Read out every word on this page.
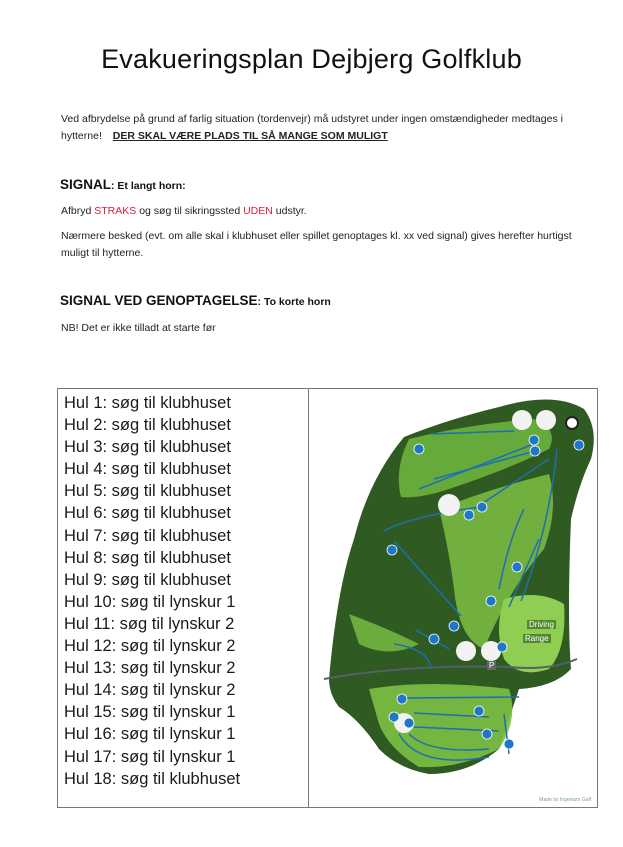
Evakueringsplan Dejbjerg Golfklub
Ved afbrydelse på grund af farlig situation (tordenvejr) må udstyret under ingen omstændigheder medtages i hytterne! DER SKAL VÆRE PLADS TIL SÅ MANGE SOM MULIGT
SIGNAL: Et langt horn:
Afbryd STRAKS og søg til sikringssted UDEN udstyr.
Nærmere besked (evt. om alle skal i klubhuset eller spillet genoptages kl. xx ved signal) gives herefter hurtigst muligt til hytterne.
SIGNAL VED GENOPTAGELSE: To korte horn
NB! Det er ikke tilladt at starte før
Hul 1: søg til klubhuset
Hul 2: søg til klubhuset
Hul 3: søg til klubhuset
Hul 4: søg til klubhuset
Hul 5: søg til klubhuset
Hul 6: søg til klubhuset
Hul 7: søg til klubhuset
Hul 8: søg til klubhuset
Hul 9: søg til klubhuset
Hul 10: søg til lynskur 1
Hul 11: søg til lynskur 2
Hul 12: søg til lynskur 2
Hul 13: søg til lynskur 2
Hul 14: søg til lynskur 2
Hul 15: søg til lynskur 1
Hul 16: søg til lynskur 1
Hul 17: søg til lynskur 1
Hul 18: søg til klubhuset
Driving
Range
P
Made by Ingenium Golf
